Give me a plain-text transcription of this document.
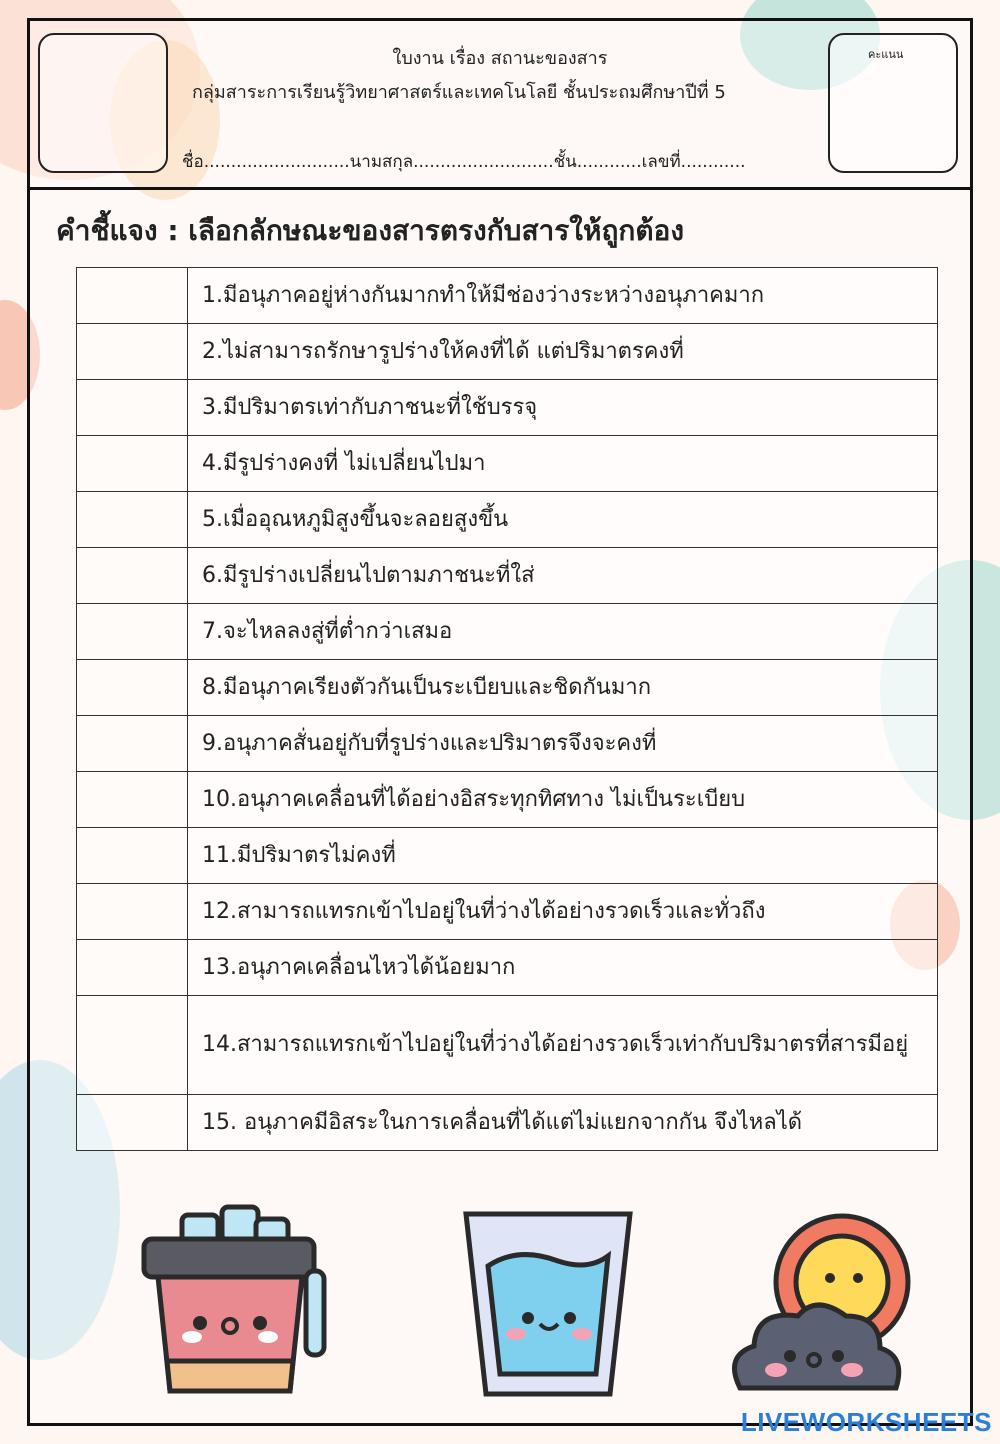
ใบงาน เรื่อง สถานะของสาร
กลุ่มสาระการเรียนรู้วิทยาศาสตร์และเทคโนโลยี ชั้นประถมศึกษาปีที่ 5
ชื่อ...........................นามสกุล..........................ชั้น............เลขที่............
คะแนน
คำชี้แจง : เลือกลักษณะของสารตรงกับสารให้ถูกต้อง
	1.มีอนุภาคอยู่ห่างกันมากทำให้มีช่องว่างระหว่างอนุภาคมาก
	2.ไม่สามารถรักษารูปร่างให้คงที่ได้ แต่ปริมาตรคงที่
	3.มีปริมาตรเท่ากับภาชนะที่ใช้บรรจุ
	4.มีรูปร่างคงที่ ไม่เปลี่ยนไปมา
	5.เมื่ออุณหภูมิสูงขึ้นจะลอยสูงขึ้น
	6.มีรูปร่างเปลี่ยนไปตามภาชนะที่ใส่
	7.จะไหลลงสู่ที่ต่ำกว่าเสมอ
	8.มีอนุภาคเรียงตัวกันเป็นระเบียบและชิดกันมาก
	9.อนุภาคสั่นอยู่กับที่รูปร่างและปริมาตรจึงจะคงที่
	10.อนุภาคเคลื่อนที่ได้อย่างอิสระทุกทิศทาง ไม่เป็นระเบียบ
	11.มีปริมาตรไม่คงที่
	12.สามารถแทรกเข้าไปอยู่ในที่ว่างได้อย่างรวดเร็วและทั่วถึง
	13.อนุภาคเคลื่อนไหวได้น้อยมาก
	14.สามารถแทรกเข้าไปอยู่ในที่ว่างได้อย่างรวดเร็วเท่ากับปริมาตรที่สารมีอยู่
	15. อนุภาคมีอิสระในการเคลื่อนที่ได้แต่ไม่แยกจากกัน จึงไหลได้
LIVEWORKSHEETS
